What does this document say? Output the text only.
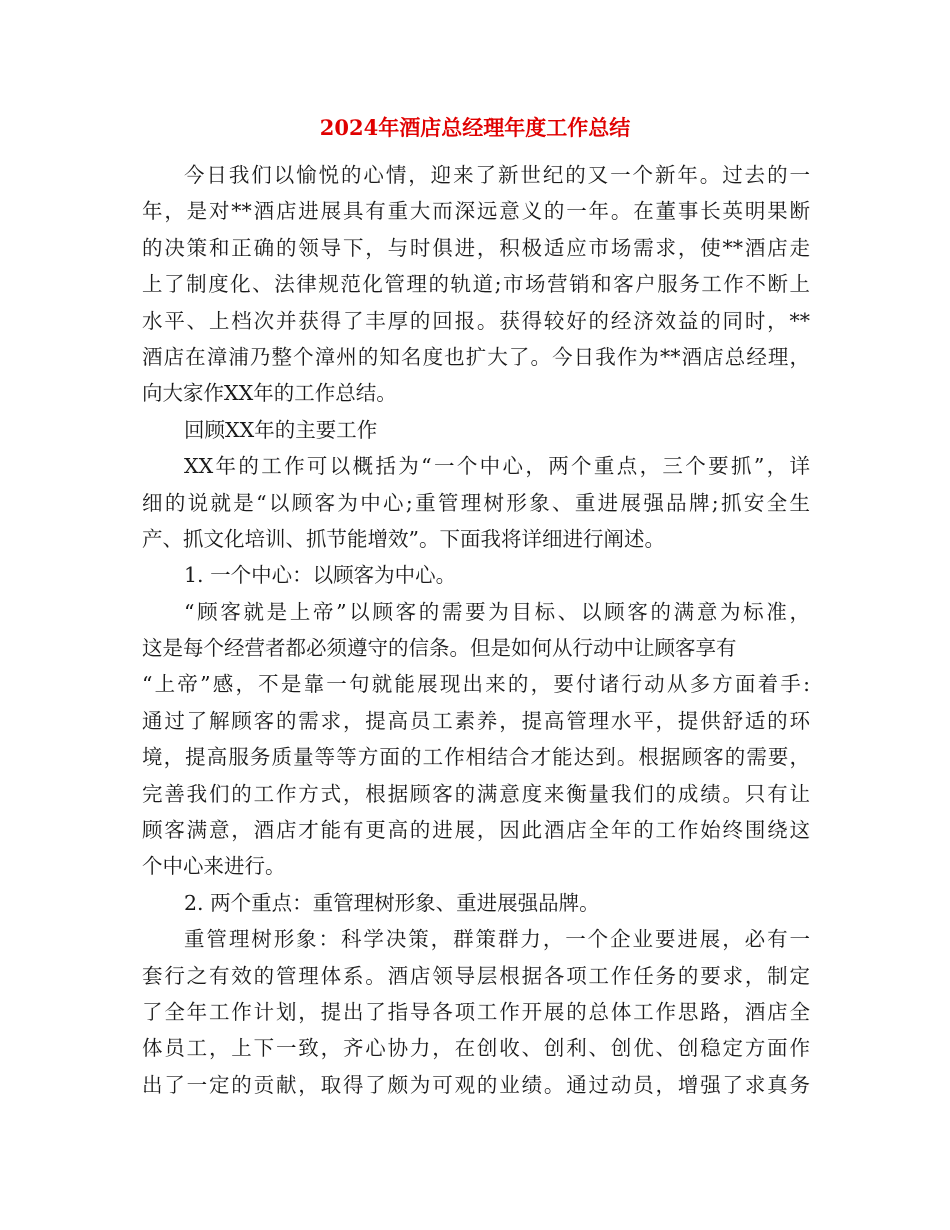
2024年酒店总经理年度工作总结
今日我们以愉悦的心情，迎来了新世纪的又一个新年。过去的一
年，是对**酒店进展具有重大而深远意义的一年。在董事长英明果断
的决策和正确的领导下，与时俱进，积极适应市场需求，使**酒店走
上了制度化、法律规范化管理的轨道;市场营销和客户服务工作不断上
水平、上档次并获得了丰厚的回报。获得较好的经济效益的同时，**
酒店在漳浦乃整个漳州的知名度也扩大了。今日我作为**酒店总经理，
向大家作XX年的工作总结。
回顾XX年的主要工作
XX年的工作可以概括为“一个中心，两个重点，三个要抓”，详
细的说就是“以顾客为中心;重管理树形象、重进展强品牌;抓安全生
产、抓文化培训、抓节能增效”。下面我将详细进行阐述。
1. 一个中心：以顾客为中心。
“顾客就是上帝”以顾客的需要为目标、以顾客的满意为标准，
这是每个经营者都必须遵守的信条。但是如何从行动中让顾客享有
“上帝”感，不是靠一句就能展现出来的，要付诸行动从多方面着手:
通过了解顾客的需求，提高员工素养，提高管理水平，提供舒适的环
境，提高服务质量等等方面的工作相结合才能达到。根据顾客的需要，
完善我们的工作方式，根据顾客的满意度来衡量我们的成绩。只有让
顾客满意，酒店才能有更高的进展，因此酒店全年的工作始终围绕这
个中心来进行。
2. 两个重点：重管理树形象、重进展强品牌。
重管理树形象：科学决策，群策群力，一个企业要进展，必有一
套行之有效的管理体系。酒店领导层根据各项工作任务的要求，制定
了全年工作计划，提出了指导各项工作开展的总体工作思路，酒店全
体员工，上下一致，齐心协力，在创收、创利、创优、创稳定方面作
出了一定的贡献，取得了颇为可观的业绩。通过动员，增强了求真务
